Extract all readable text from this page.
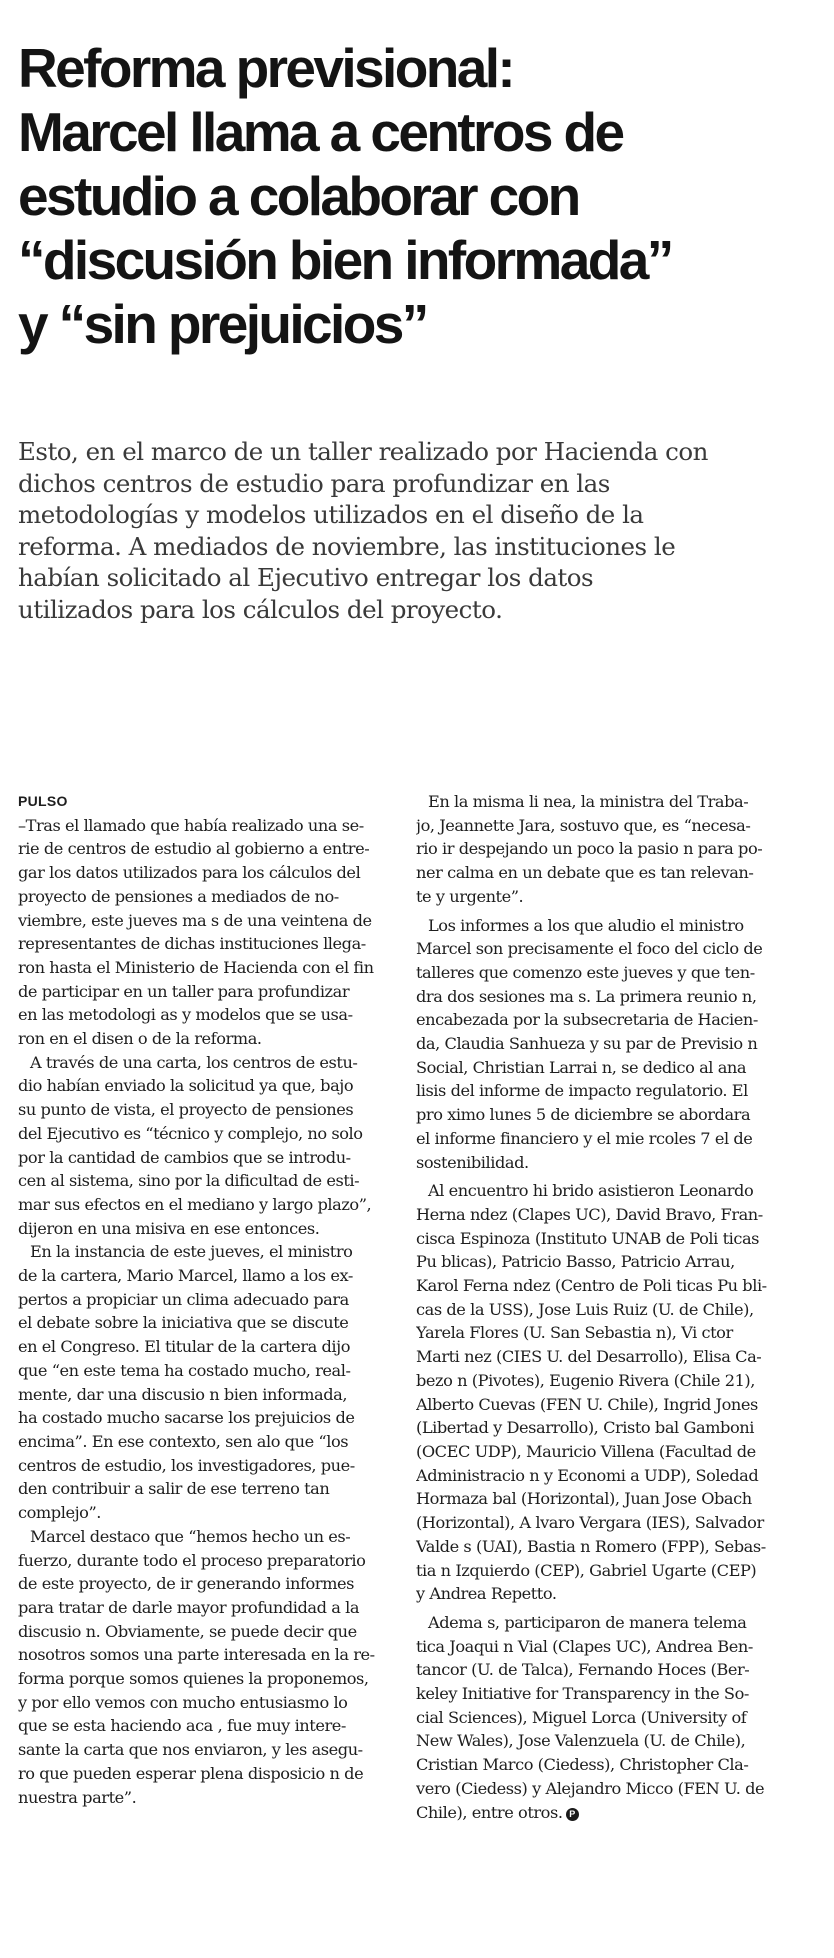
Reforma previsional:
Marcel llama a centros de
estudio a colaborar con
“discusión bien informada”
y “sin prejuicios”

Esto, en el marco de un taller realizado por Hacienda con
dichos centros de estudio para profundizar en las
metodologías y modelos utilizados en el diseño de la
reforma. A mediados de noviembre, las instituciones le
habían solicitado al Ejecutivo entregar los datos
utilizados para los cálculos del proyecto.

PULSO
–Tras el llamado que había realizado una se-
rie de centros de estudio al gobierno a entre-
gar los datos utilizados para los cálculos del
proyecto de pensiones a mediados de no-
viembre, este jueves ma s de una veintena de
representantes de dichas instituciones llega-
ron hasta el Ministerio de Hacienda con el fin
de participar en un taller para profundizar
en las metodologi as y modelos que se usa-
ron en el disen o de la reforma.
A través de una carta, los centros de estu-
dio habían enviado la solicitud ya que, bajo
su punto de vista, el proyecto de pensiones
del Ejecutivo es “técnico y complejo, no solo
por la cantidad de cambios que se introdu-
cen al sistema, sino por la dificultad de esti-
mar sus efectos en el mediano y largo plazo”,
dijeron en una misiva en ese entonces.
En la instancia de este jueves, el ministro
de la cartera, Mario Marcel, llamo a los ex-
pertos a propiciar un clima adecuado para
el debate sobre la iniciativa que se discute
en el Congreso. El titular de la cartera dijo
que “en este tema ha costado mucho, real-
mente, dar una discusio n bien informada,
ha costado mucho sacarse los prejuicios de
encima”. En ese contexto, sen alo que “los
centros de estudio, los investigadores, pue-
den contribuir a salir de ese terreno tan
complejo”.
Marcel destaco que “hemos hecho un es-
fuerzo, durante todo el proceso preparatorio
de este proyecto, de ir generando informes
para tratar de darle mayor profundidad a la
discusio n. Obviamente, se puede decir que
nosotros somos una parte interesada en la re-
forma porque somos quienes la proponemos,
y por ello vemos con mucho entusiasmo lo
que se esta haciendo aca , fue muy intere-
sante la carta que nos enviaron, y les asegu-
ro que pueden esperar plena disposicio n de
nuestra parte”.
En la misma li nea, la ministra del Traba-
jo, Jeannette Jara, sostuvo que, es “necesa-
rio ir despejando un poco la pasio n para po-
ner calma en un debate que es tan relevan-
te y urgente”.
Los informes a los que aludio el ministro
Marcel son precisamente el foco del ciclo de
talleres que comenzo este jueves y que ten-
dra dos sesiones ma s. La primera reunio n,
encabezada por la subsecretaria de Hacien-
da, Claudia Sanhueza y su par de Previsio n
Social, Christian Larrai n, se dedico al ana
lisis del informe de impacto regulatorio. El
pro ximo lunes 5 de diciembre se abordara
el informe financiero y el mie rcoles 7 el de
sostenibilidad.
Al encuentro hi brido asistieron Leonardo
Herna ndez (Clapes UC), David Bravo, Fran-
cisca Espinoza (Instituto UNAB de Poli ticas
Pu blicas), Patricio Basso, Patricio Arrau,
Karol Ferna ndez (Centro de Poli ticas Pu bli-
cas de la USS), Jose Luis Ruiz (U. de Chile),
Yarela Flores (U. San Sebastia n), Vi ctor
Marti nez (CIES U. del Desarrollo), Elisa Ca-
bezo n (Pivotes), Eugenio Rivera (Chile 21),
Alberto Cuevas (FEN U. Chile), Ingrid Jones
(Libertad y Desarrollo), Cristo bal Gamboni
(OCEC UDP), Mauricio Villena (Facultad de
Administracio n y Economi a UDP), Soledad
Hormaza bal (Horizontal), Juan Jose Obach
(Horizontal), A lvaro Vergara (IES), Salvador
Valde s (UAI), Bastia n Romero (FPP), Sebas-
tia n Izquierdo (CEP), Gabriel Ugarte (CEP)
y Andrea Repetto.
Adema s, participaron de manera telema
tica Joaqui n Vial (Clapes UC), Andrea Ben-
tancor (U. de Talca), Fernando Hoces (Ber-
keley Initiative for Transparency in the So-
cial Sciences), Miguel Lorca (University of
New Wales), Jose Valenzuela (U. de Chile),
Cristian Marco (Ciedess), Christopher Cla-
vero (Ciedess) y Alejandro Micco (FEN U. de
Chile), entre otros. P
